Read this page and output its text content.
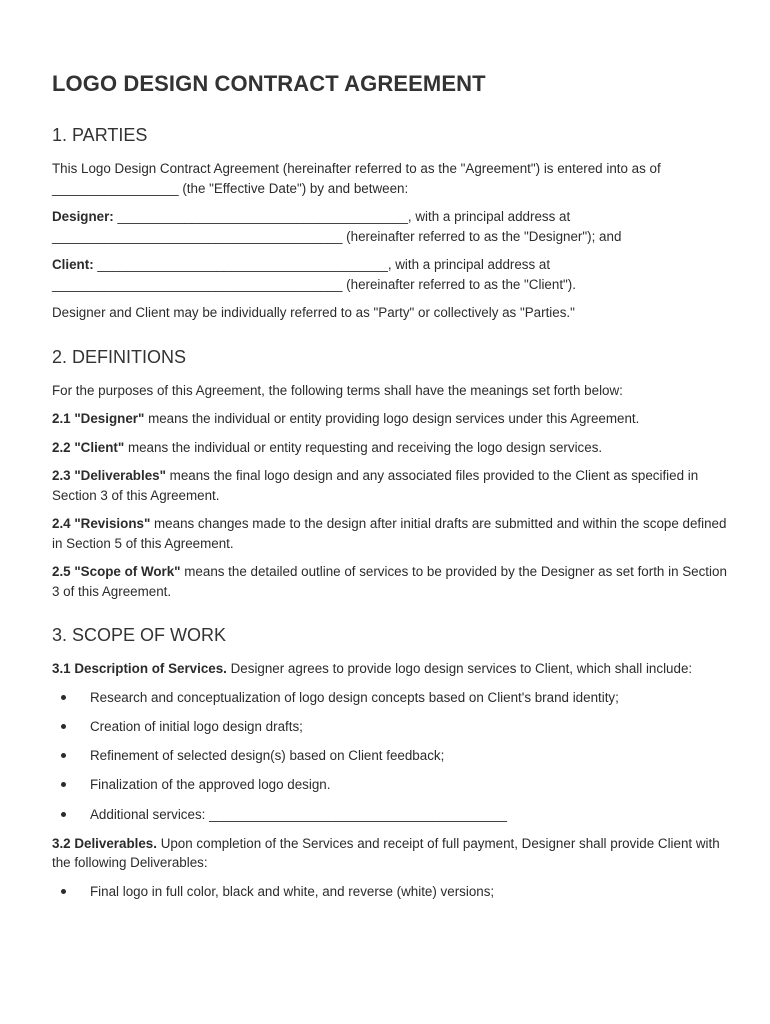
LOGO DESIGN CONTRACT AGREEMENT
1. PARTIES

This Logo Design Contract Agreement (hereinafter referred to as the "Agreement") is entered into as of _________________ (the "Effective Date") by and between:

Designer: _______________________________________, with a principal address at _______________________________________ (hereinafter referred to as the "Designer"); and

Client: _______________________________________, with a principal address at _______________________________________ (hereinafter referred to as the "Client").

Designer and Client may be individually referred to as "Party" or collectively as "Parties."

2. DEFINITIONS

For the purposes of this Agreement, the following terms shall have the meanings set forth below:

2.1 "Designer" means the individual or entity providing logo design services under this Agreement.

2.2 "Client" means the individual or entity requesting and receiving the logo design services.

2.3 "Deliverables" means the final logo design and any associated files provided to the Client as specified in Section 3 of this Agreement.

2.4 "Revisions" means changes made to the design after initial drafts are submitted and within the scope defined in Section 5 of this Agreement.

2.5 "Scope of Work" means the detailed outline of services to be provided by the Designer as set forth in Section 3 of this Agreement.

3. SCOPE OF WORK

3.1 Description of Services. Designer agrees to provide logo design services to Client, which shall include:

Research and conceptualization of logo design concepts based on Client's brand identity;
Creation of initial logo design drafts;
Refinement of selected design(s) based on Client feedback;
Finalization of the approved logo design.
Additional services: ________________________________________

3.2 Deliverables. Upon completion of the Services and receipt of full payment, Designer shall provide Client with the following Deliverables:

Final logo in full color, black and white, and reverse (white) versions;
